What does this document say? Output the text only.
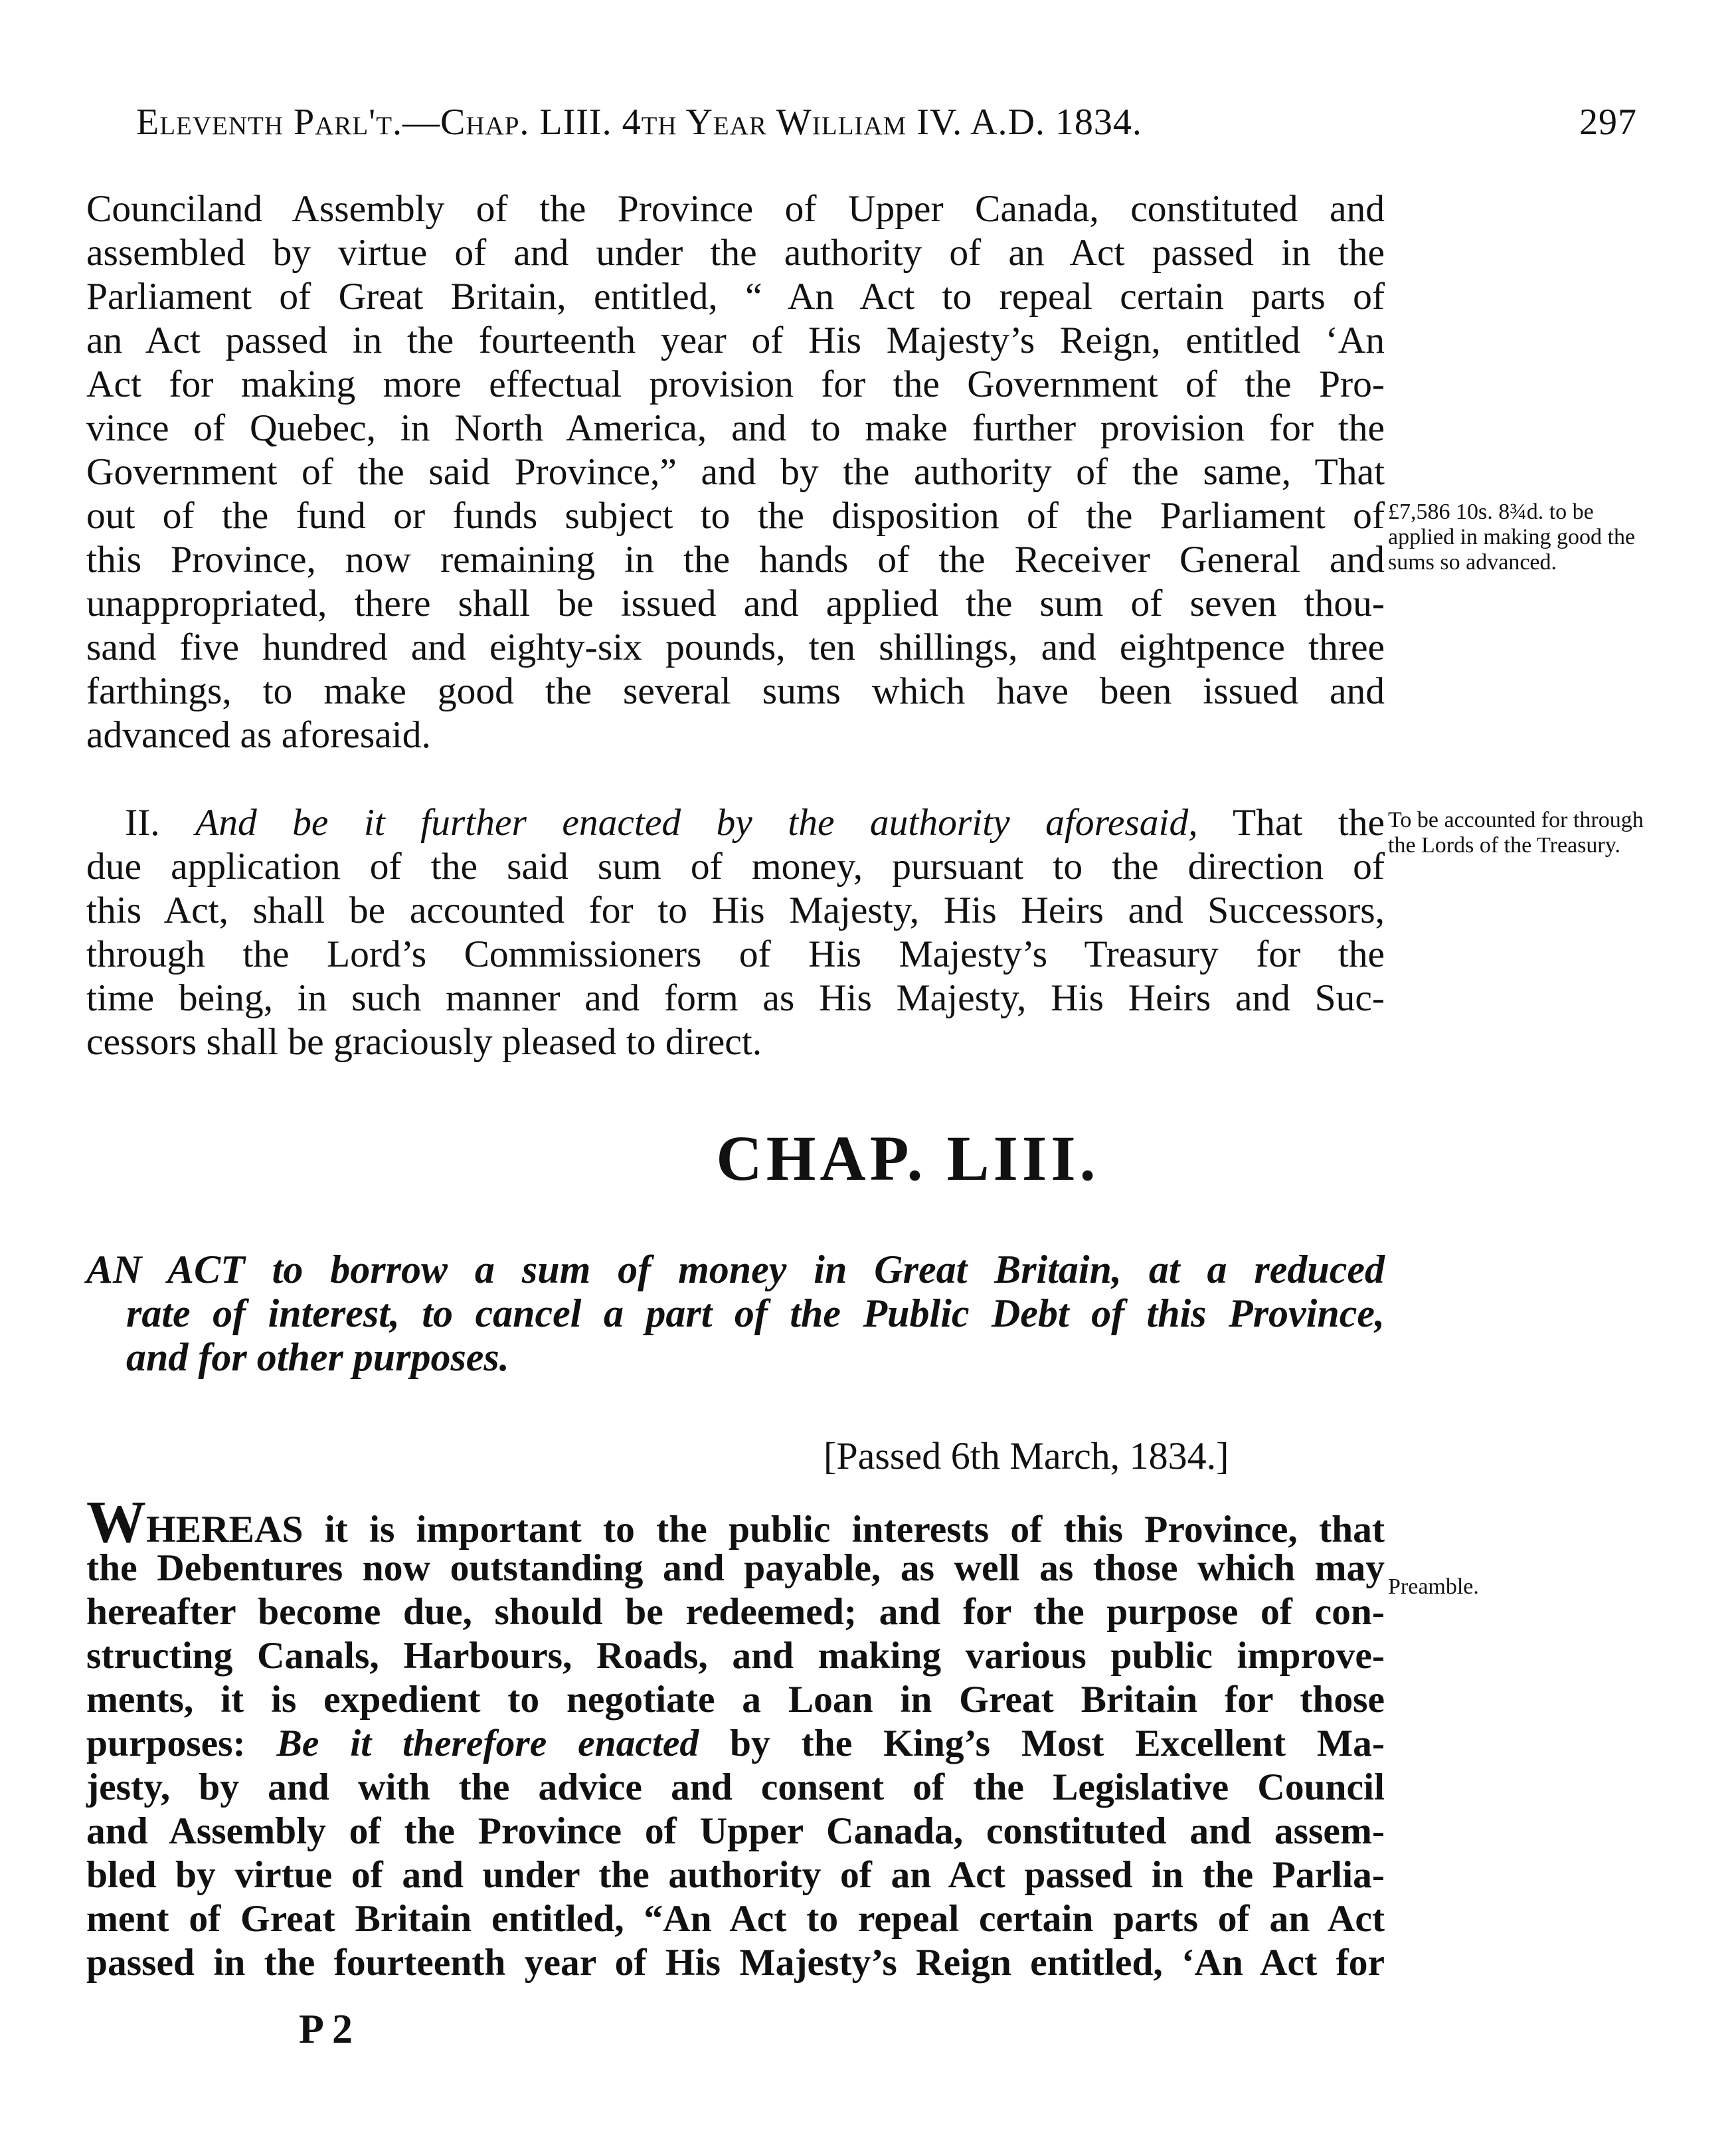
Eleventh Parl't.—Chap. LIII. 4th Year William IV. A.D. 1834.	297
Counciland Assembly of the Province of Upper Canada, constituted and
assembled by virtue of and under the authority of an Act passed in the
Parliament of Great Britain, entitled, “ An Act to repeal certain parts of
an Act passed in the fourteenth year of His Majesty’s Reign, entitled ‘An
Act for making more effectual provision for the Government of the Pro-
vince of Quebec, in North America, and to make further provision for the
Government of the said Province,” and by the authority of the same, That
out of the fund or funds subject to the disposition of the Parliament of
this Province, now remaining in the hands of the Receiver General and
unappropriated, there shall be issued and applied the sum of seven thou-
sand five hundred and eighty-six pounds, ten shillings, and eightpence three
farthings, to make good the several sums which have been issued and
advanced as aforesaid.
£7,586 10s. 8¾d. to be applied in making good the sums so advanced.
II. And be it further enacted by the authority aforesaid, That the
due application of the said sum of money, pursuant to the direction of
this Act, shall be accounted for to His Majesty, His Heirs and Successors,
through the Lord’s Commissioners of His Majesty’s Treasury for the
time being, in such manner and form as His Majesty, His Heirs and Suc-
cessors shall be graciously pleased to direct.
To be accounted for through the Lords of the Treasury.
CHAP. LIII.
AN ACT to borrow a sum of money in Great Britain, at a reduced
rate of interest, to cancel a part of the Public Debt of this Province,
and for other purposes.
[Passed 6th March, 1834.]
WHEREAS it is important to the public interests of this Province, that
the Debentures now outstanding and payable, as well as those which may
hereafter become due, should be redeemed; and for the purpose of con-
structing Canals, Harbours, Roads, and making various public improve-
ments, it is expedient to negotiate a Loan in Great Britain for those
purposes: Be it therefore enacted by the King’s Most Excellent Ma-
jesty, by and with the advice and consent of the Legislative Council
and Assembly of the Province of Upper Canada, constituted and assem-
bled by virtue of and under the authority of an Act passed in the Parlia-
ment of Great Britain entitled, “An Act to repeal certain parts of an Act
passed in the fourteenth year of His Majesty’s Reign entitled, ‘An Act for
Preamble.
P 2
